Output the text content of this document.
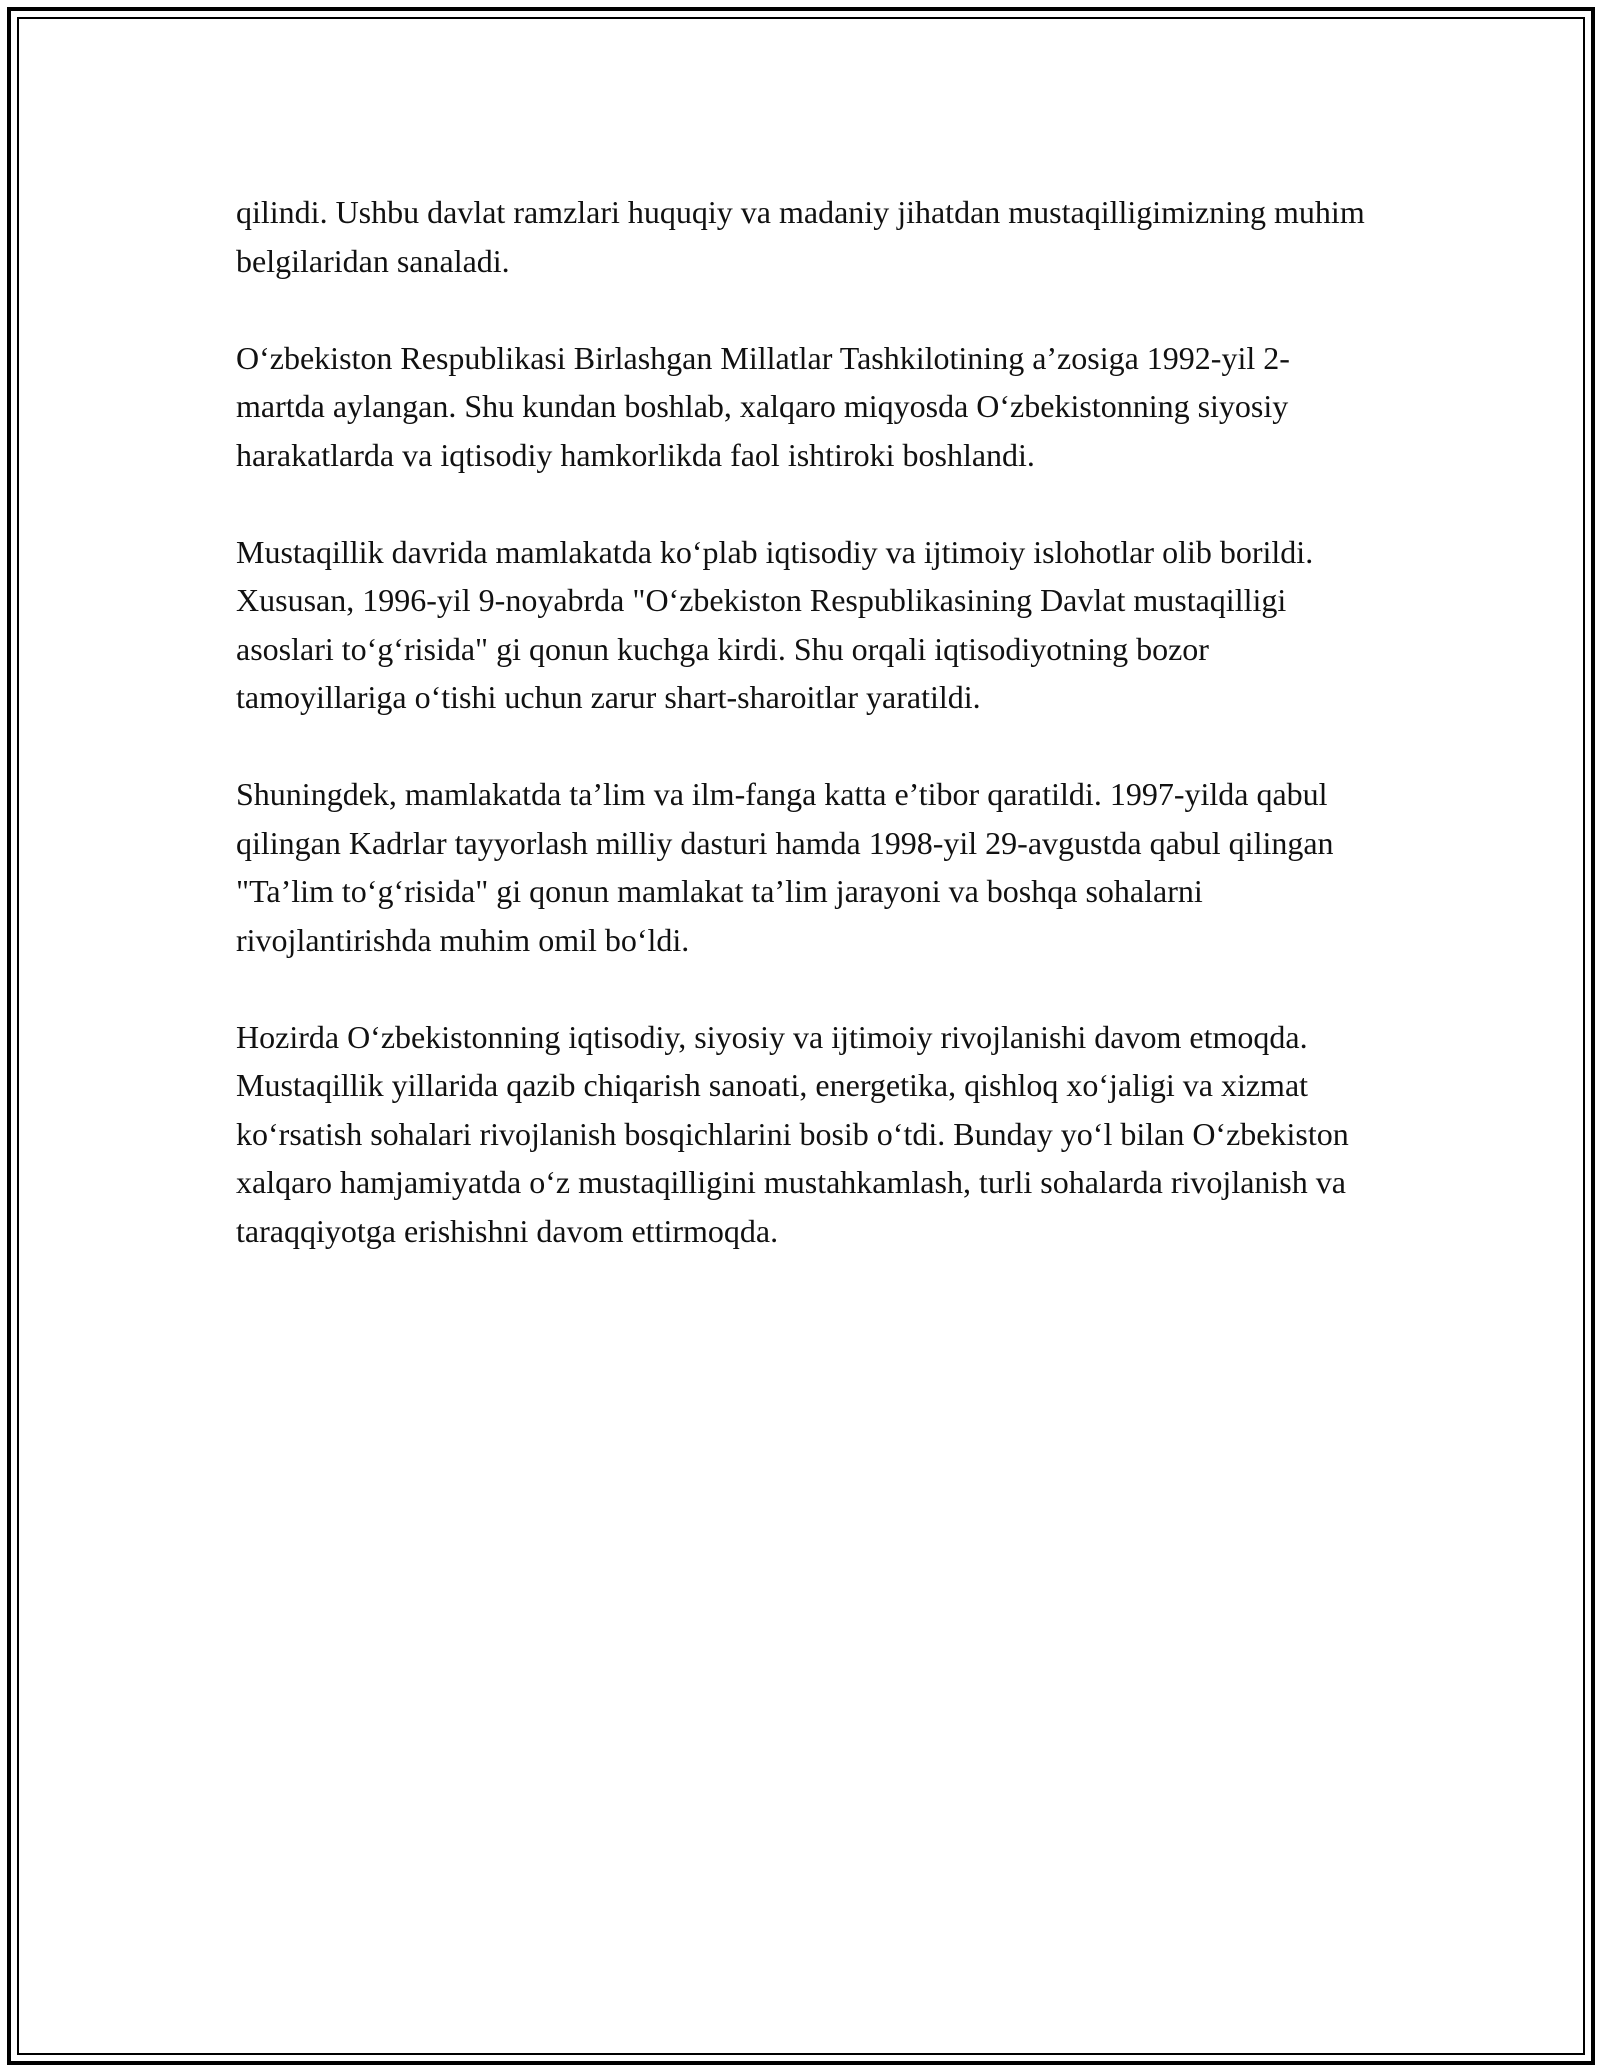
qilindi. Ushbu davlat ramzlari huquqiy va madaniy jihatdan mustaqilligimizning muhim belgilaridan sanaladi.

O‘zbekiston Respublikasi Birlashgan Millatlar Tashkilotining a’zosiga 1992-yil 2-martda aylangan. Shu kundan boshlab, xalqaro miqyosda O‘zbekistonning siyosiy harakatlarda va iqtisodiy hamkorlikda faol ishtiroki boshlandi.

Mustaqillik davrida mamlakatda ko‘plab iqtisodiy va ijtimoiy islohotlar olib borildi. Xususan, 1996-yil 9-noyabrda "O‘zbekiston Respublikasining Davlat mustaqilligi asoslari to‘g‘risida" gi qonun kuchga kirdi. Shu orqali iqtisodiyotning bozor tamoyillariga o‘tishi uchun zarur shart-sharoitlar yaratildi.

Shuningdek, mamlakatda ta’lim va ilm-fanga katta e’tibor qaratildi. 1997-yilda qabul qilingan Kadrlar tayyorlash milliy dasturi hamda 1998-yil 29-avgustda qabul qilingan "Ta’lim to‘g‘risida" gi qonun mamlakat ta’lim jarayoni va boshqa sohalarni rivojlantirishda muhim omil bo‘ldi.

Hozirda O‘zbekistonning iqtisodiy, siyosiy va ijtimoiy rivojlanishi davom etmoqda. Mustaqillik yillarida qazib chiqarish sanoati, energetika, qishloq xo‘jaligi va xizmat ko‘rsatish sohalari rivojlanish bosqichlarini bosib o‘tdi. Bunday yo‘l bilan O‘zbekiston xalqaro hamjamiyatda o‘z mustaqilligini mustahkamlash, turli sohalarda rivojlanish va taraqqiyotga erishishni davom ettirmoqda.
